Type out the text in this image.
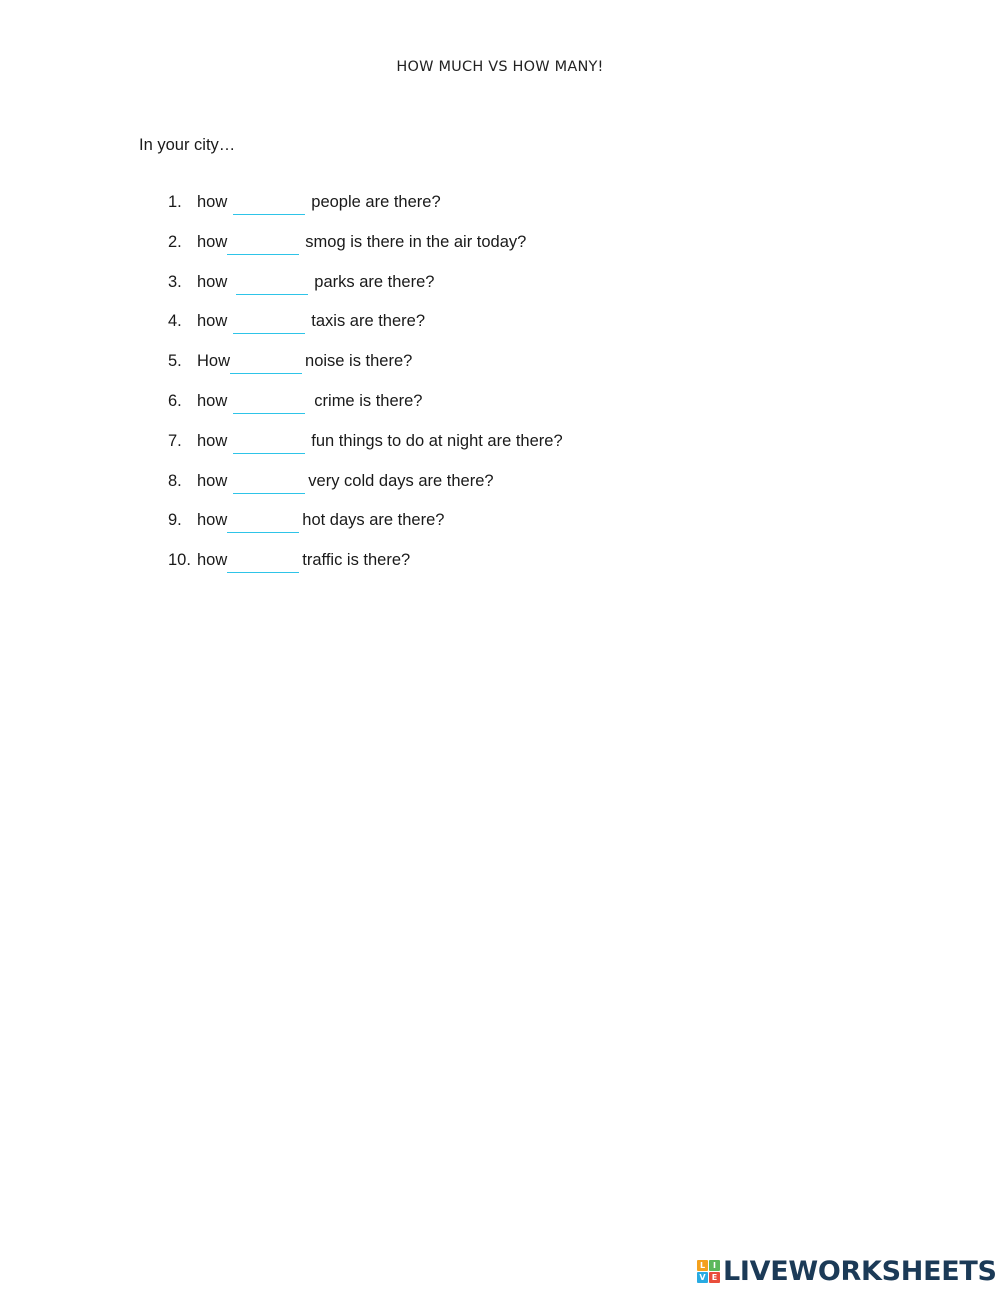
HOW MUCH VS HOW MANY!
In your city…
1. how	people are there?
2. how	smog is there in the air today?
3. how	parks are there?
4. how	taxis are there?
5. How	noise is there?
6. how	crime is there?
7. how	fun things to do at night are there?
8. how	very cold days are there?
9. how	hot days are there?
10. how	traffic is there?
L I
V E LIVEWORKSHEETS
